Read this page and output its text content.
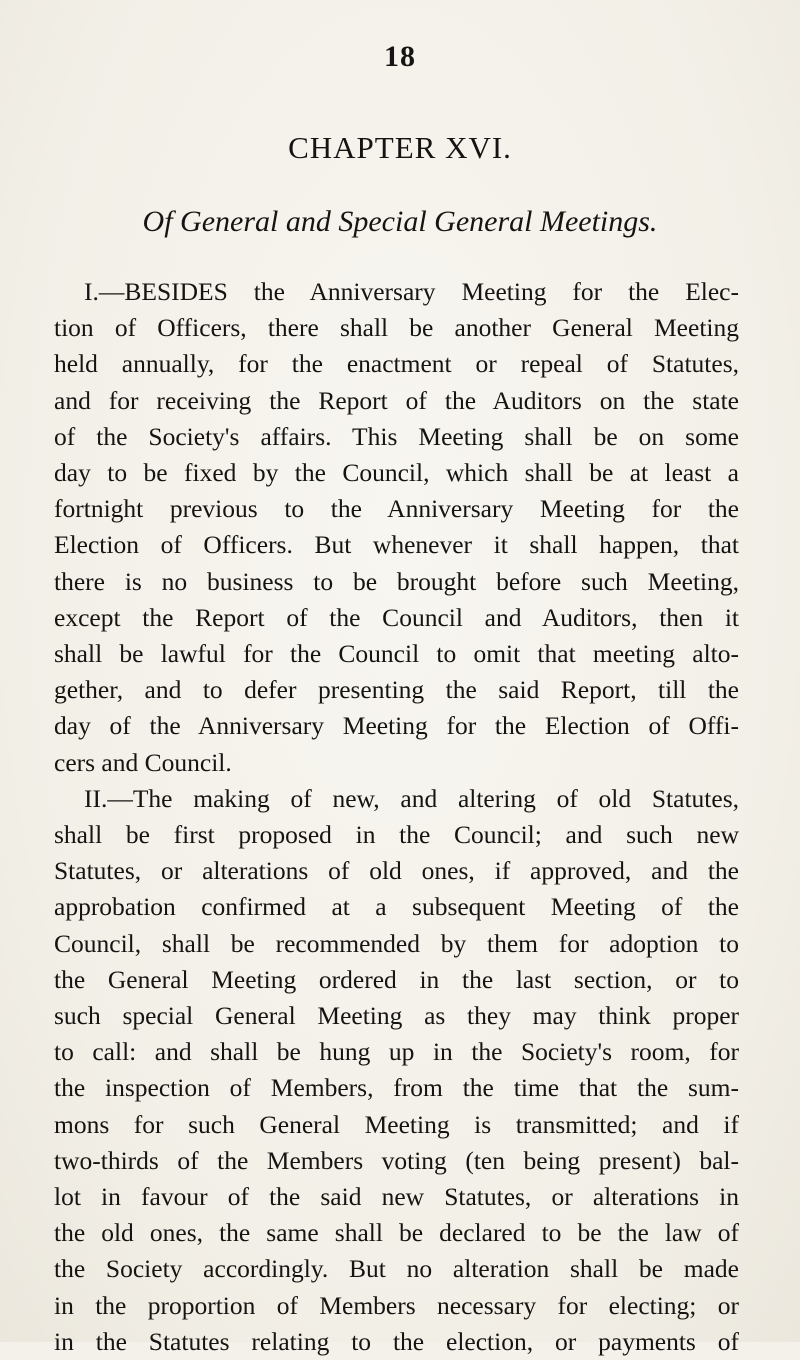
18
CHAPTER XVI.
Of General and Special General Meetings.
I.—BESIDES the Anniversary Meeting for the Elec-
tion of Officers, there shall be another General Meeting
held annually, for the enactment or repeal of Statutes,
and for receiving the Report of the Auditors on the state
of the Society's affairs. This Meeting shall be on some
day to be fixed by the Council, which shall be at least a
fortnight previous to the Anniversary Meeting for the
Election of Officers. But whenever it shall happen, that
there is no business to be brought before such Meeting,
except the Report of the Council and Auditors, then it
shall be lawful for the Council to omit that meeting alto-
gether, and to defer presenting the said Report, till the
day of the Anniversary Meeting for the Election of Offi-
cers and Council.
II.—The making of new, and altering of old Statutes,
shall be first proposed in the Council; and such new
Statutes, or alterations of old ones, if approved, and the
approbation confirmed at a subsequent Meeting of the
Council, shall be recommended by them for adoption to
the General Meeting ordered in the last section, or to
such special General Meeting as they may think proper
to call: and shall be hung up in the Society's room, for
the inspection of Members, from the time that the sum-
mons for such General Meeting is transmitted; and if
two-thirds of the Members voting (ten being present) bal-
lot in favour of the said new Statutes, or alterations in
the old ones, the same shall be declared to be the law of
the Society accordingly. But no alteration shall be made
in the proportion of Members necessary for electing; or
in the Statutes relating to the election, or payments of
